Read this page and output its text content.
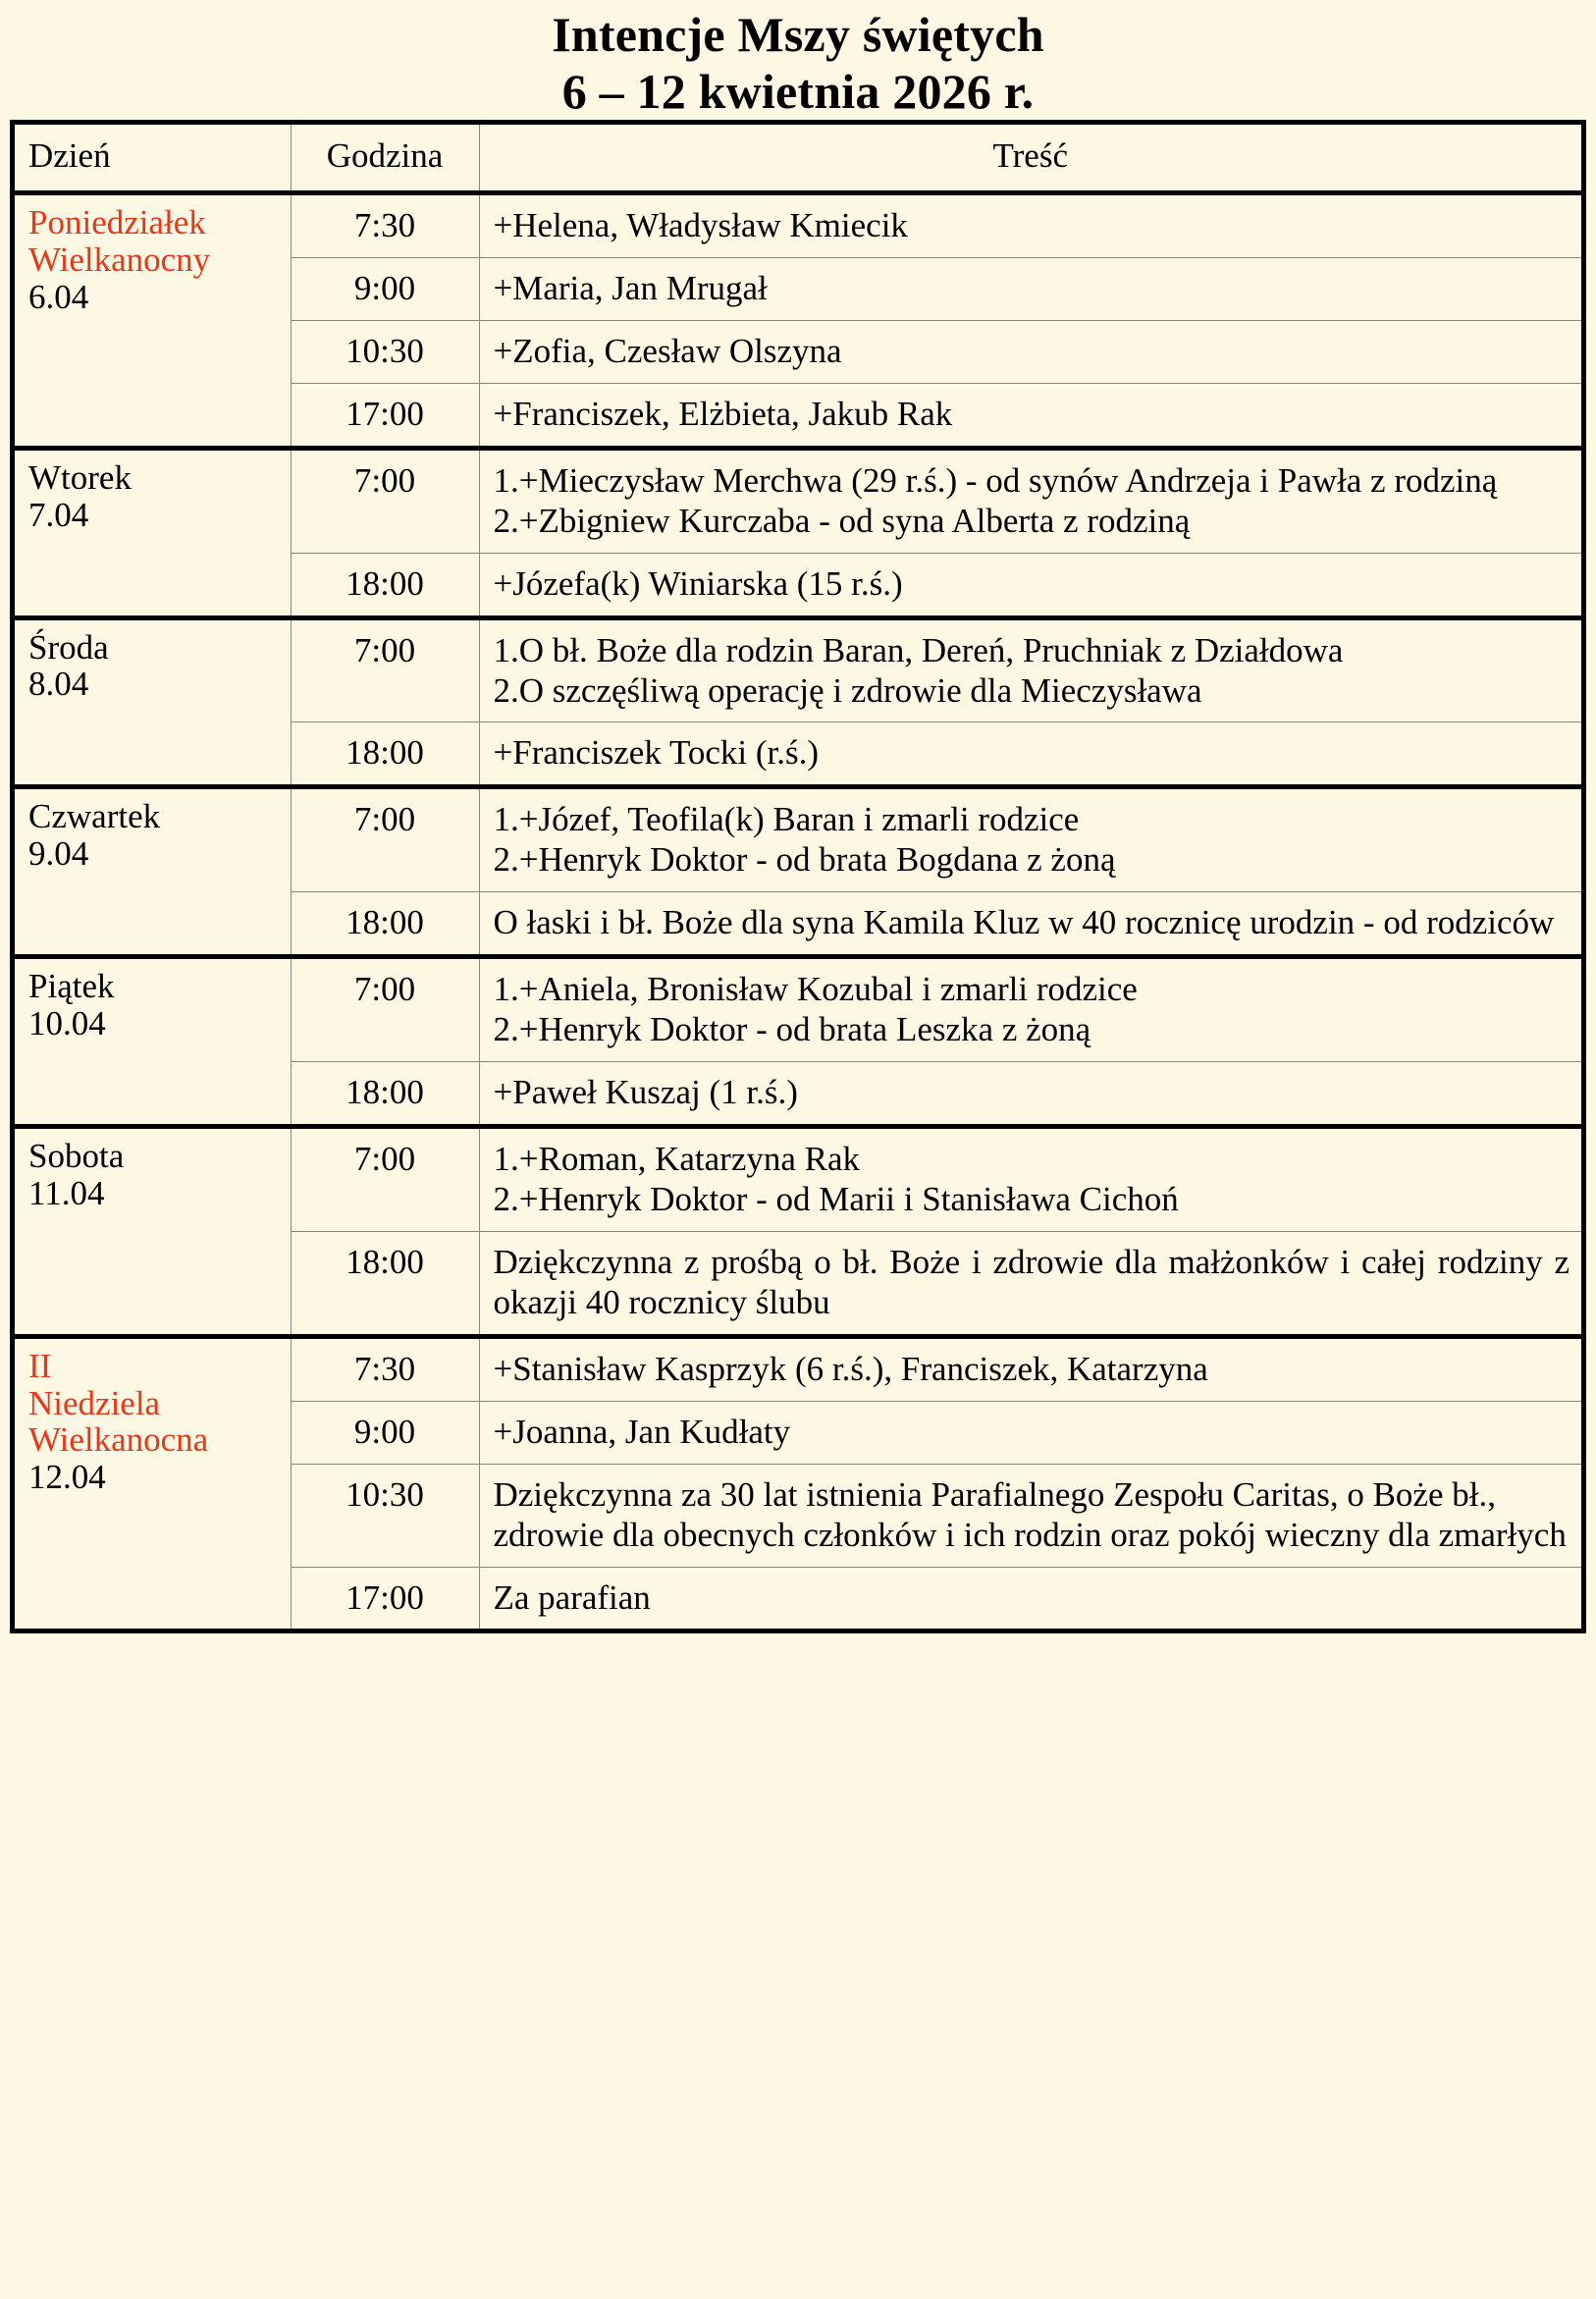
Intencje Mszy świętych
6 – 12 kwietnia 2026 r.
Dzień	Godzina	Treść

Poniedziałek
Wielkanocny
6.04	7:30	+Helena, Władysław Kmiecik

	9:00	+Maria, Jan Mrugał

	10:30	+Zofia, Czesław Olszyna

	17:00	+Franciszek, Elżbieta, Jakub Rak

Wtorek
7.04
	7:00	1.+Mieczysław Merchwa (29 r.ś.) - od synów Andrzeja i Pawła z rodziną

2.+Zbigniew Kurczaba - od syna Alberta z rodziną

	18:00	+Józefa(k) Winiarska (15 r.ś.)

Środa
8.04
	7:00	1.O bł. Boże dla rodzin Baran, Dereń, Pruchniak z Działdowa

2.O szczęśliwą operację i zdrowie dla Mieczysława

	18:00	+Franciszek Tocki (r.ś.)

Czwartek
9.04
	7:00	1.+Józef, Teofila(k) Baran i zmarli rodzice

2.+Henryk Doktor - od brata Bogdana z żoną

	18:00	O łaski i bł. Boże dla syna Kamila Kluz w 40 rocznicę urodzin - od rodziców

Piątek
10.04
	7:00	1.+Aniela, Bronisław Kozubal i zmarli rodzice

2.+Henryk Doktor - od brata Leszka z żoną

	18:00	+Paweł Kuszaj (1 r.ś.)

Sobota
11.04
	7:00	1.+Roman, Katarzyna Rak

2.+Henryk Doktor - od Marii i Stanisława Cichoń

	18:00	Dziękczynna z prośbą o bł. Boże i zdrowie dla małżonków i całej rodziny z okazji 40 rocznicy ślubu

II
Niedziela
Wielkanocna
12.04	7:30	+Stanisław Kasprzyk (6 r.ś.), Franciszek, Katarzyna

	9:00	+Joanna, Jan Kudłaty

	10:30	Dziękczynna za 30 lat istnienia Parafialnego Zespołu Caritas, o Boże bł., zdrowie dla obecnych członków i ich rodzin oraz pokój wieczny dla zmarłych

	17:00	Za parafian
